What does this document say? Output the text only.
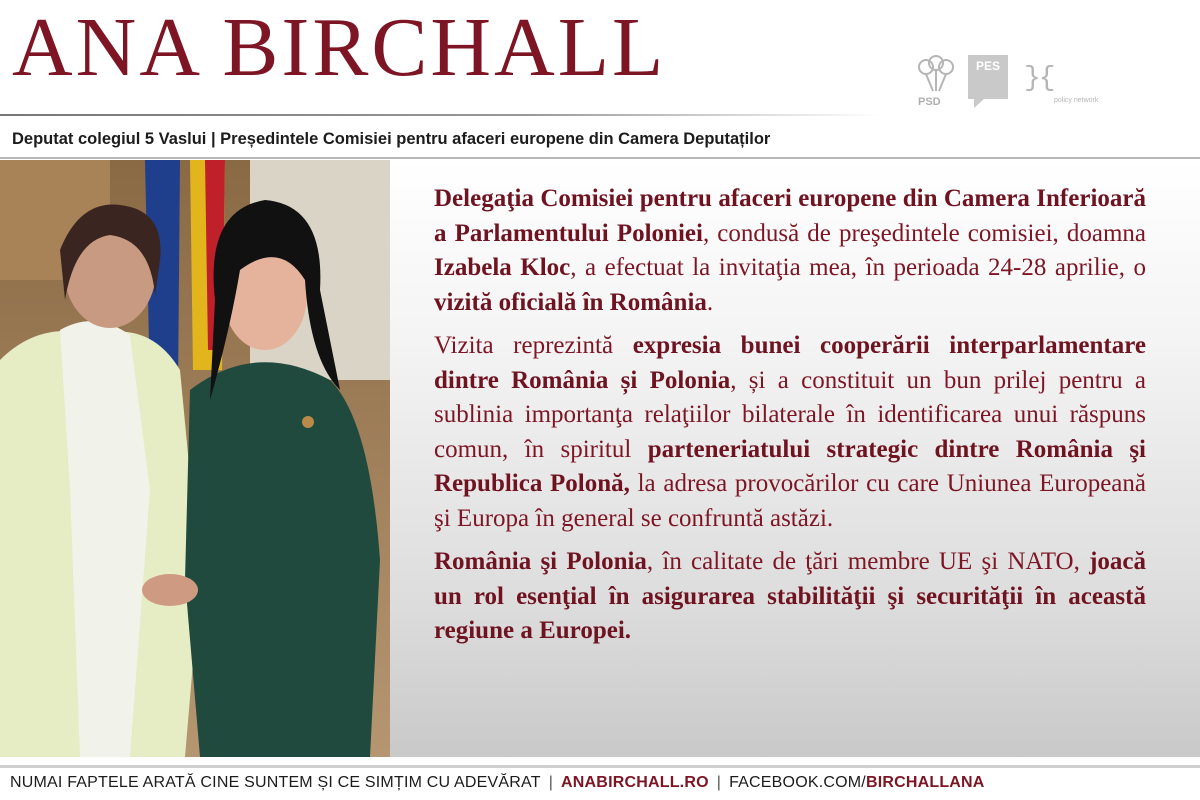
ANA BIRCHALL
PSD
PES }{
policy network
Deputat colegiul 5 Vaslui | Președintele Comisiei pentru afaceri europene din Camera Deputaților

Delegaţia Comisiei pentru afaceri europene din Camera Inferioară a Parlamentului Poloniei, condusă de preşedintele comisiei, doamna Izabela Kloc, a efectuat la invitaţia mea, în perioada 24-28 aprilie, o vizită oficială în România.

Vizita reprezintă expresia bunei cooperării interparlamentare dintre România și Polonia, și a constituit un bun prilej pentru a sublinia importanţa relaţiilor bilaterale în identificarea unui răspuns comun, în spiritul parteneriatului strategic dintre România şi Republica Polonă, la adresa provocărilor cu care Uniunea Europeană şi Europa în general se confruntă astăzi.

România şi Polonia, în calitate de ţări membre UE şi NATO, joacă un rol esenţial în asigurarea stabilităţii şi securităţii în această regiune a Europei.

NUMAI FAPTELE ARATĂ CINE SUNTEM ȘI CE SIMȚIM CU ADEVĂRAT | ANABIRCHALL.RO | FACEBOOK.COM/BIRCHALLANA
